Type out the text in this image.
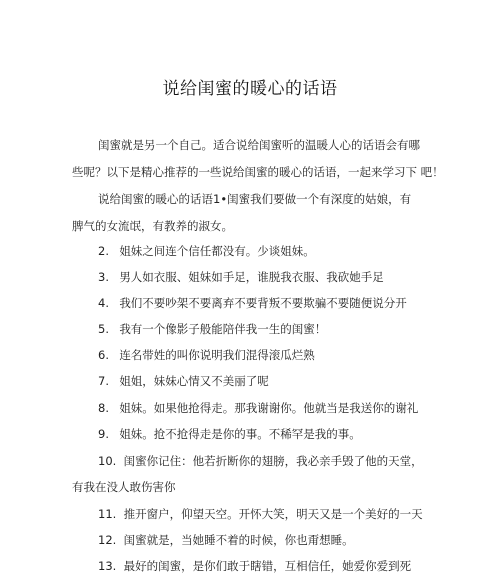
说给闺蜜的暖心的话语
闺蜜就是另一个自己。适合说给闺蜜听的温暖人心的话语会有哪
些呢？以下是精心推荐的一些说给闺蜜的暖心的话语，一起来学习下 吧！
说给闺蜜的暖心的话语1•闺蜜我们要做一个有深度的姑娘，有
脾气的女流氓，有教养的淑女。
2. 姐妹之间连个信任都没有。少谈姐妹。
3. 男人如衣服、姐妹如手足，谁脱我衣服、我砍她手足
4. 我们不要吵架不要离弃不要背叛不要欺骗不要随便说分开
5. 我有一个像影子般能陪伴我一生的闺蜜！
6. 连名带姓的叫你说明我们混得滚瓜烂熟
7. 姐姐，妹妹心情又不美丽了呢
8. 姐妹。如果他抢得走。那我谢谢你。他就当是我送你的谢礼
9. 姐妹。抢不抢得走是你的事。不稀罕是我的事。
10. 闺蜜你记住：他若折断你的翅膀，我必亲手毁了他的天堂，
有我在没人敢伤害你
11. 推开窗户，仰望天空。开怀大笑，明天又是一个美好的一天
12. 闺蜜就是，当她睡不着的时候，你也甭想睡。
13. 最好的闺蜜，是你们敢于瞎错，互相信任，她爱你爱到死
